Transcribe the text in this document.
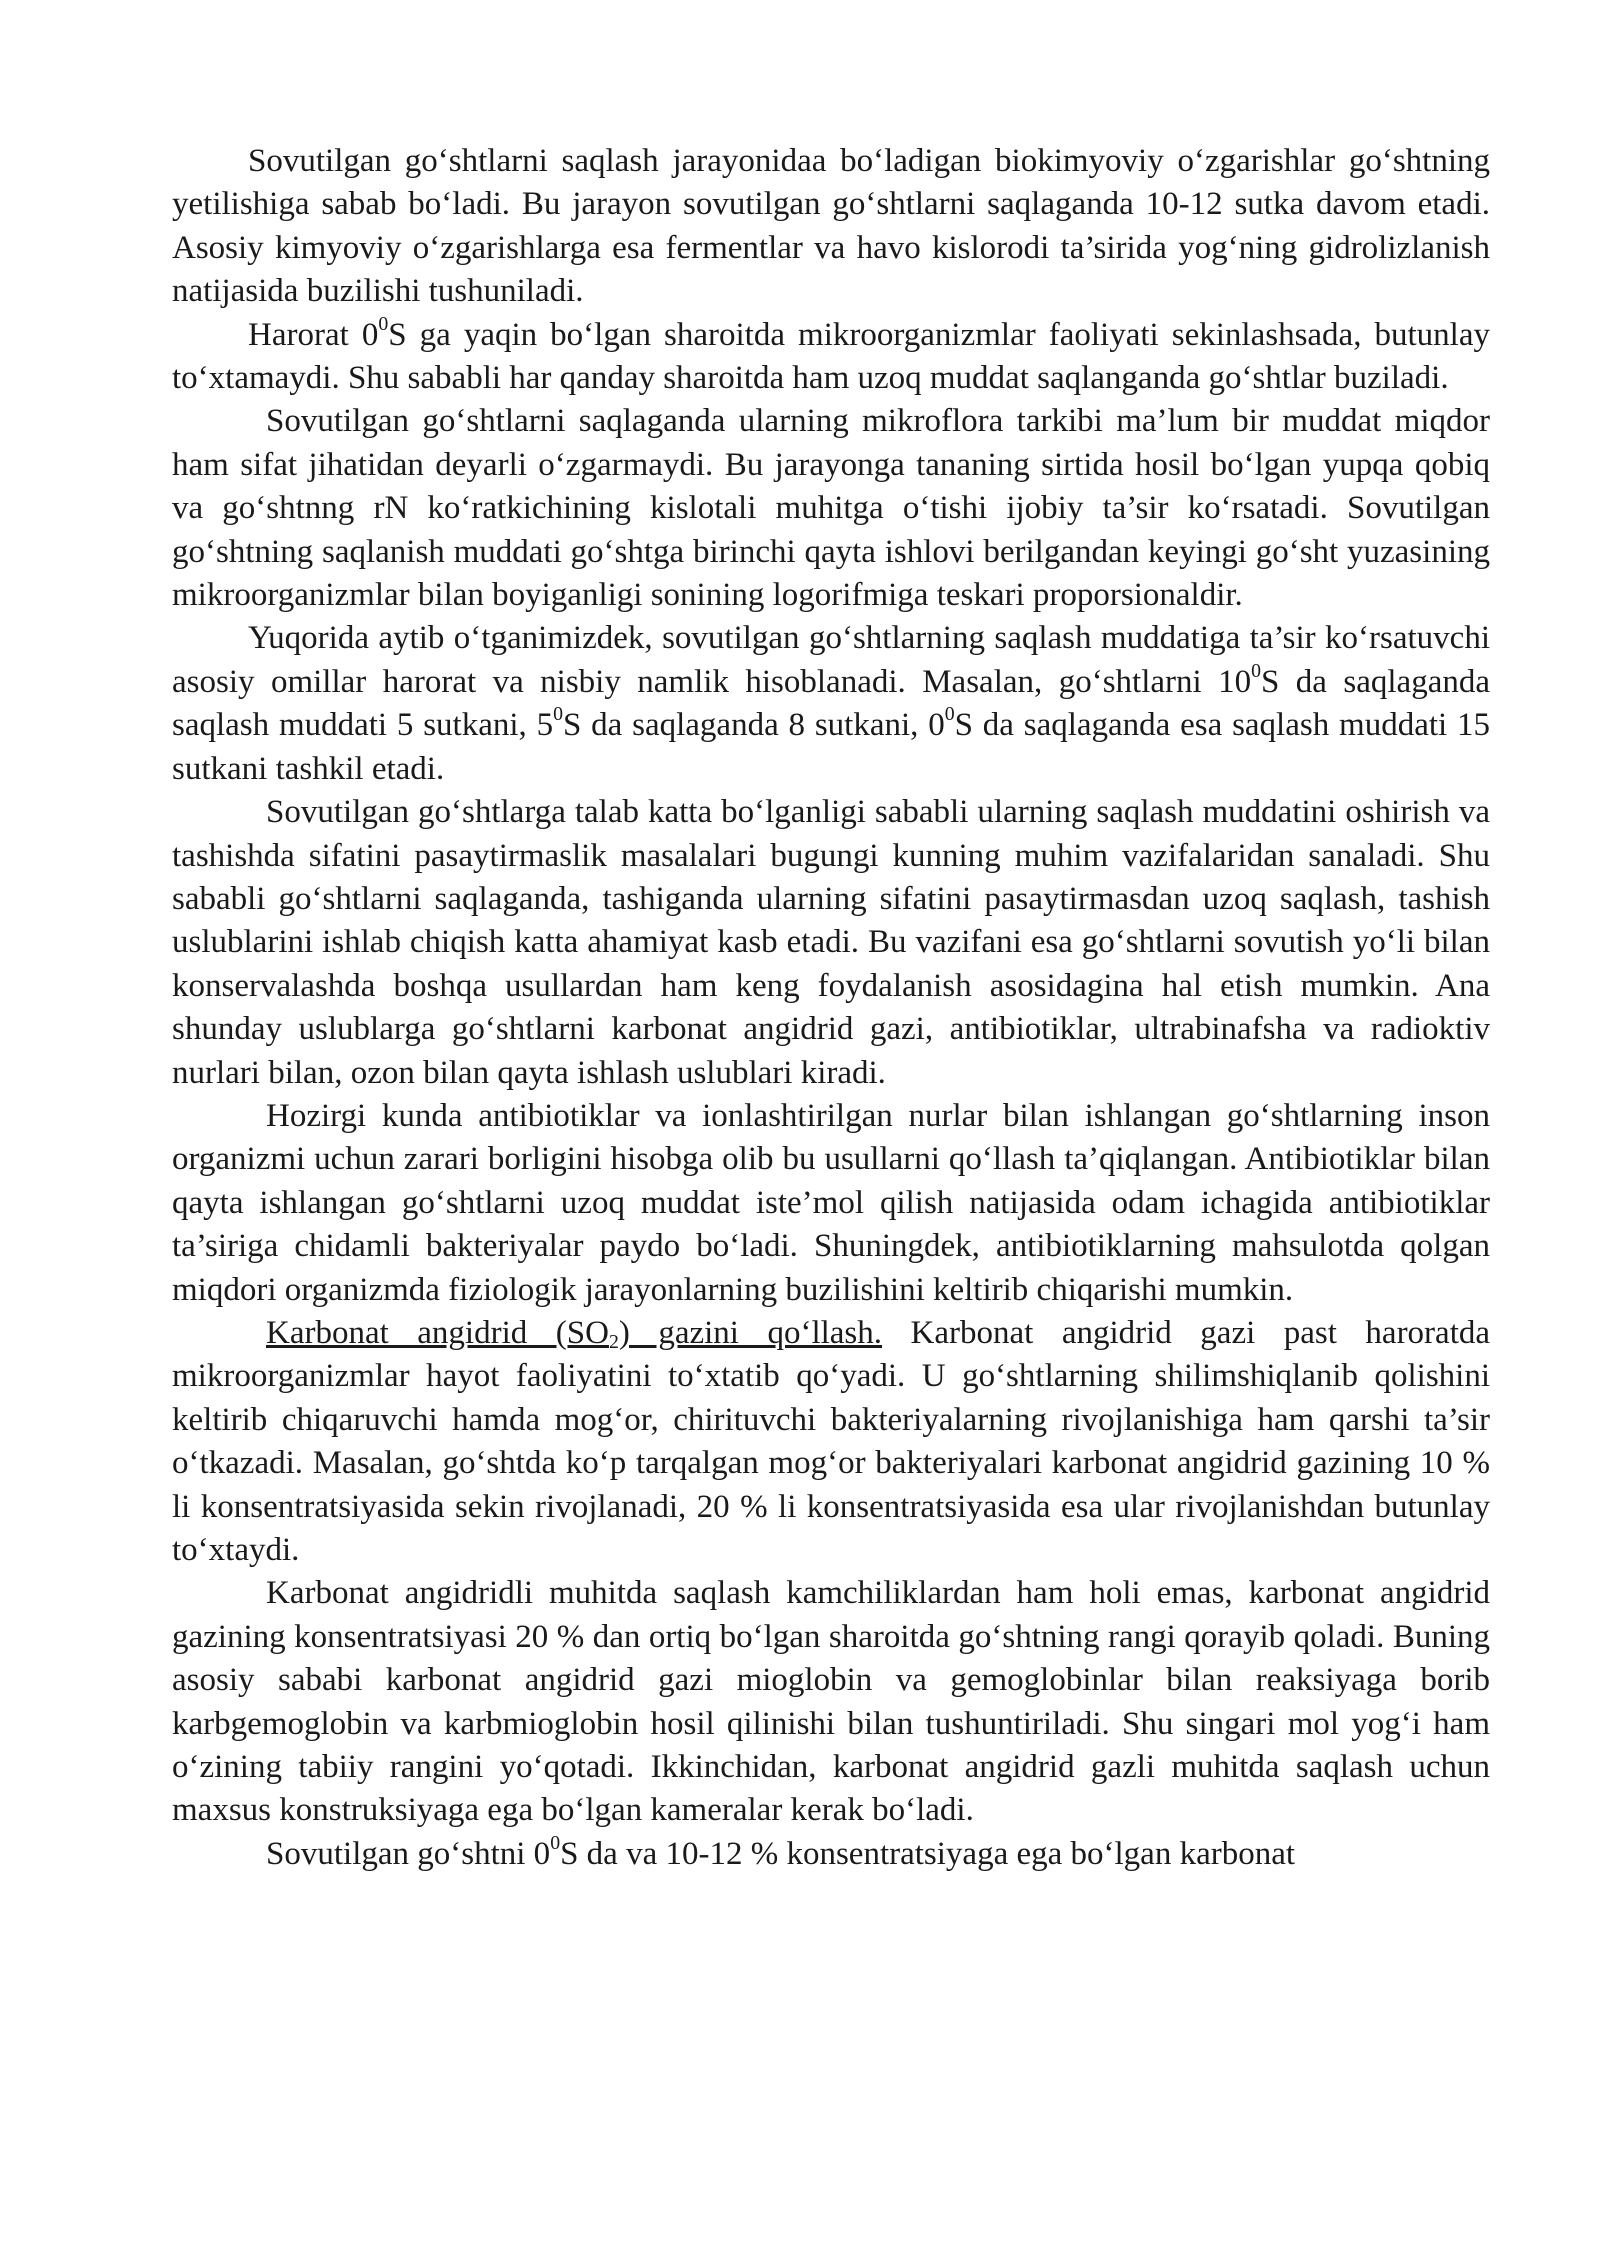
Sovutilgan go‘shtlarni saqlash jarayonidaa bo‘ladigan biokimyoviy o‘zgarishlar go‘shtning yetilishiga sabab bo‘ladi. Bu jarayon sovutilgan go‘shtlarni saqlaganda 10-12 sutka davom etadi. Asosiy kimyoviy o‘zgarishlarga esa fermentlar va havo kislorodi ta’sirida yog‘ning gidrolizlanish natijasida buzilishi tushuniladi.

Harorat $0^0S$ ga yaqin bo‘lgan sharoitda mikroorganizmlar faoliyati sekinlashsada, butunlay to‘xtamaydi. Shu sababli har qanday sharoitda ham uzoq muddat saqlanganda go‘shtlar buziladi.

Sovutilgan go‘shtlarni saqlaganda ularning mikroflora tarkibi ma’lum bir muddat miqdor ham sifat jihatidan deyarli o‘zgarmaydi. Bu jarayonga tananing sirtida hosil bo‘lgan yupqa qobiq va go‘shtnng rN ko‘ratkichining kislotali muhitga o‘tishi ijobiy ta’sir ko‘rsatadi. Sovutilgan go‘shtning saqlanish muddati go‘shtga birinchi qayta ishlovi berilgandan keyingi go‘sht yuzasining mikroorganizmlar bilan boyiganligi sonining logorifmiga teskari proporsionaldir.

Yuqorida aytib o‘tganimizdek, sovutilgan go‘shtlarning saqlash muddatiga ta’sir ko‘rsatuvchi asosiy omillar harorat va nisbiy namlik hisoblanadi. Masalan, go‘shtlarni $10^0S$ da saqlaganda saqlash muddati 5 sutkani, $5^0S$ da saqlaganda 8 sutkani, $0^0S$ da saqlaganda esa saqlash muddati 15 sutkani tashkil etadi.

Sovutilgan go‘shtlarga talab katta bo‘lganligi sababli ularning saqlash muddatini oshirish va tashishda sifatini pasaytirmaslik masalalari bugungi kunning muhim vazifalaridan sanaladi. Shu sababli go‘shtlarni saqlaganda, tashiganda ularning sifatini pasaytirmasdan uzoq saqlash, tashish uslublarini ishlab chiqish katta ahamiyat kasb etadi. Bu vazifani esa go‘shtlarni sovutish yo‘li bilan konservalashda boshqa usullardan ham keng foydalanish asosidagina hal etish mumkin. Ana shunday uslublarga go‘shtlarni karbonat angidrid gazi, antibiotiklar, ultrabinafsha va radioktiv nurlari bilan, ozon bilan qayta ishlash uslublari kiradi.

Hozirgi kunda antibiotiklar va ionlashtirilgan nurlar bilan ishlangan go‘shtlarning inson organizmi uchun zarari borligini hisobga olib bu usullarni qo‘llash ta’qiqlangan. Antibiotiklar bilan qayta ishlangan go‘shtlarni uzoq muddat iste’mol qilish natijasida odam ichagida antibiotiklar ta’siriga chidamli bakteriyalar paydo bo‘ladi. Shuningdek, antibiotiklarning mahsulotda qolgan miqdori organizmda fiziologik jarayonlarning buzilishini keltirib chiqarishi mumkin.

Karbonat angidrid $(SO_2)$ gazini qo‘llash. Karbonat angidrid gazi past haroratda mikroorganizmlar hayot faoliyatini to‘xtatib qo‘yadi. U go‘shtlarning shilimshiqlanib qolishini keltirib chiqaruvchi hamda mog‘or, chirituvchi bakteriyalarning rivojlanishiga ham qarshi ta’sir o‘tkazadi. Masalan, go‘shtda ko‘p tarqalgan mog‘or bakteriyalari karbonat angidrid gazining 10 % li konsentratsiyasida sekin rivojlanadi, 20 % li konsentratsiyasida esa ular rivojlanishdan butunlay to‘xtaydi.

Karbonat angidridli muhitda saqlash kamchiliklardan ham holi emas, karbonat angidrid gazining konsentratsiyasi 20 % dan ortiq bo‘lgan sharoitda go‘shtning rangi qorayib qoladi. Buning asosiy sababi karbonat angidrid gazi mioglobin va gemoglobinlar bilan reaksiyaga borib karbgemoglobin va karbmioglobin hosil qilinishi bilan tushuntiriladi. Shu singari mol yog‘i ham o‘zining tabiiy rangini yo‘qotadi. Ikkinchidan, karbonat angidrid gazli muhitda saqlash uchun maxsus konstruksiyaga ega bo‘lgan kameralar kerak bo‘ladi.

Sovutilgan go‘shtni $0^0S$ da va 10-12 % konsentratsiyaga ega bo‘lgan karbonat
